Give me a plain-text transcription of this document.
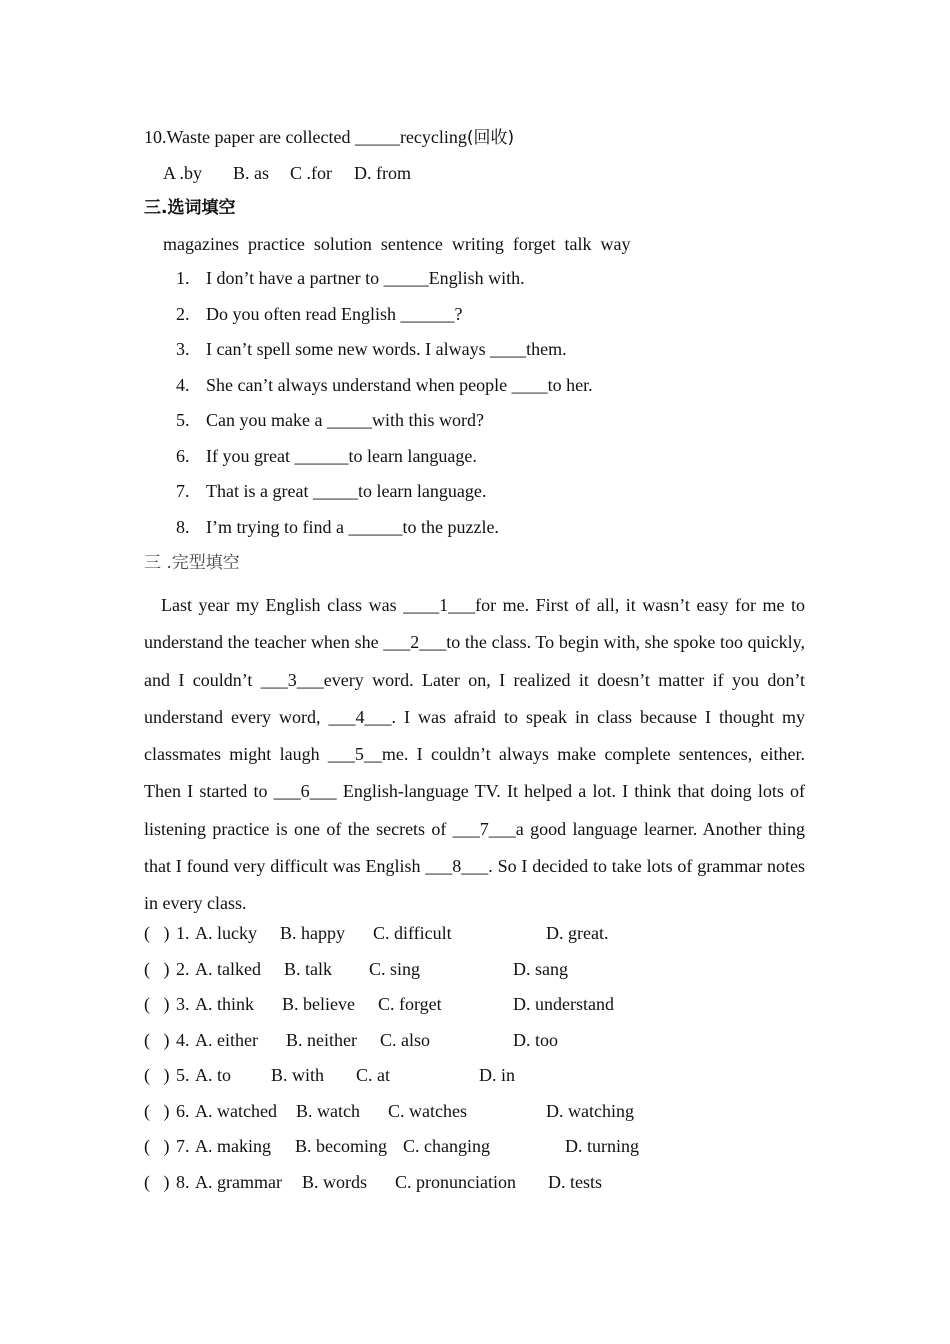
10.Waste paper are collected _____recycling(回收)
A .by B. as C .for D. from
三.选词填空
magazines  practice  solution  sentence  writing  forget  talk  way
1. I don’t have a partner to _____English with.
2. Do you often read English ______?
3. I can’t spell some new words. I always ____them.
4. She can’t always understand when people ____to her.
5. Can you make a _____with this word?
6. If you great ______to learn language.
7. That is a great _____to learn language.
8. I’m trying to find a ______to the puzzle.
三 .完型填空
Last year my English class was ____1___for me. First of all, it wasn’t easy for me to understand the teacher when she ___2___to the class. To begin with, she spoke too quickly, and I couldn’t ___3___every word. Later on, I realized it doesn’t matter if you don’t understand every word, ___4___. I was afraid to speak in class because I thought my classmates might laugh ___5__me. I couldn’t always make complete sentences, either. Then I started to ___6___ English-language TV. It helped a lot. I think that doing lots of listening practice is one of the secrets of ___7___a good language learner. Another thing that I found very difficult was English ___8___. So I decided to take lots of grammar notes in every class.
(   ) 1. A. lucky B. happy C. difficult	D. great.
(   ) 2. A. talked B. talk C. sing	D. sang
(   ) 3. A. think B. believe C. forget	D. understand
(   ) 4. A. either B. neither C. also	D. too
(   ) 5. A. to B. with C. at	D. in
(   ) 6. A. watched B. watch C. watches	D. watching
(   ) 7. A. making B. becoming C. changing	D. turning
(   ) 8. A. grammar B. words C. pronunciation D. tests
